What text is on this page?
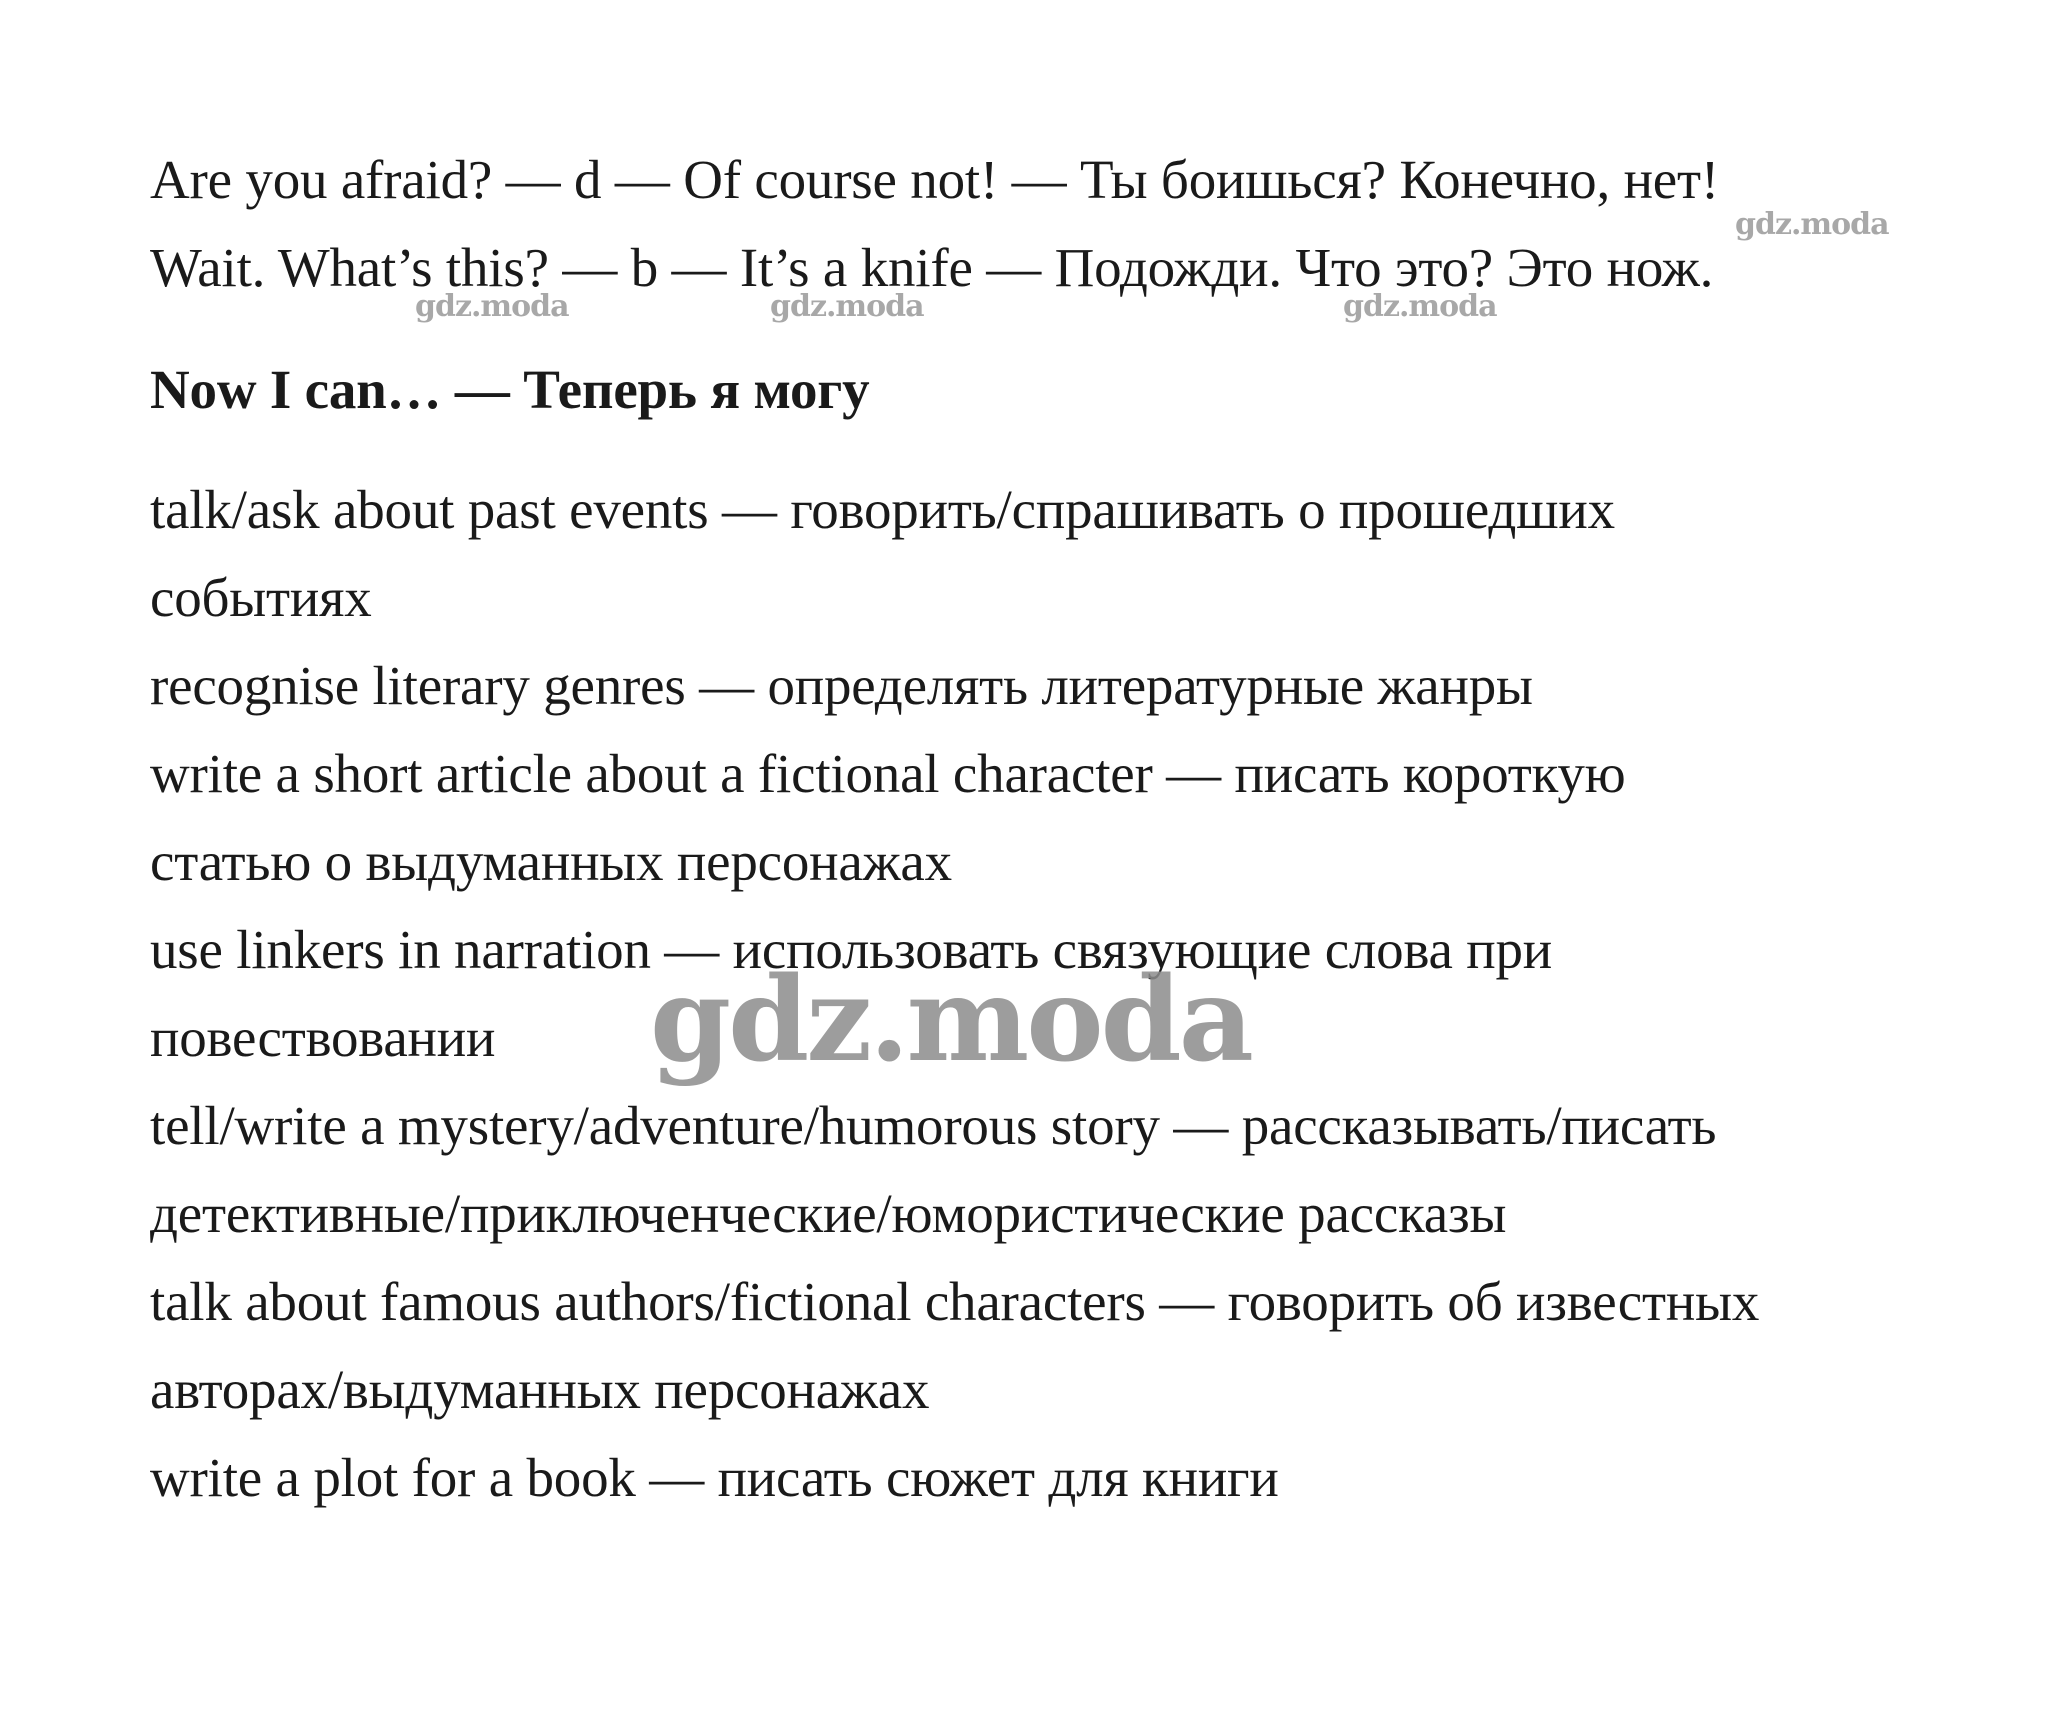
Are you afraid? — d — Of course not! — Ты боишься? Конечно, нет!
Wait. What’s this? — b — It’s a knife — Подожди. Что это? Это нож.
Now I can… — Теперь я могу
talk/ask about past events — говорить/спрашивать о прошедших
событиях
recognise literary genres — определять литературные жанры
write a short article about a fictional character — писать короткую
статью о выдуманных персонажах
use linkers in narration — использовать связующие слова при
повествовании
tell/write a mystery/adventure/humorous story — рассказывать/писать
детективные/приключенческие/юмористические рассказы
talk about famous authors/fictional characters — говорить об известных
авторах/выдуманных персонажах
write a plot for a book — писать сюжет для книги
gdz.moda
gdz.moda	gdz.moda	gdz.moda
gdz.moda
